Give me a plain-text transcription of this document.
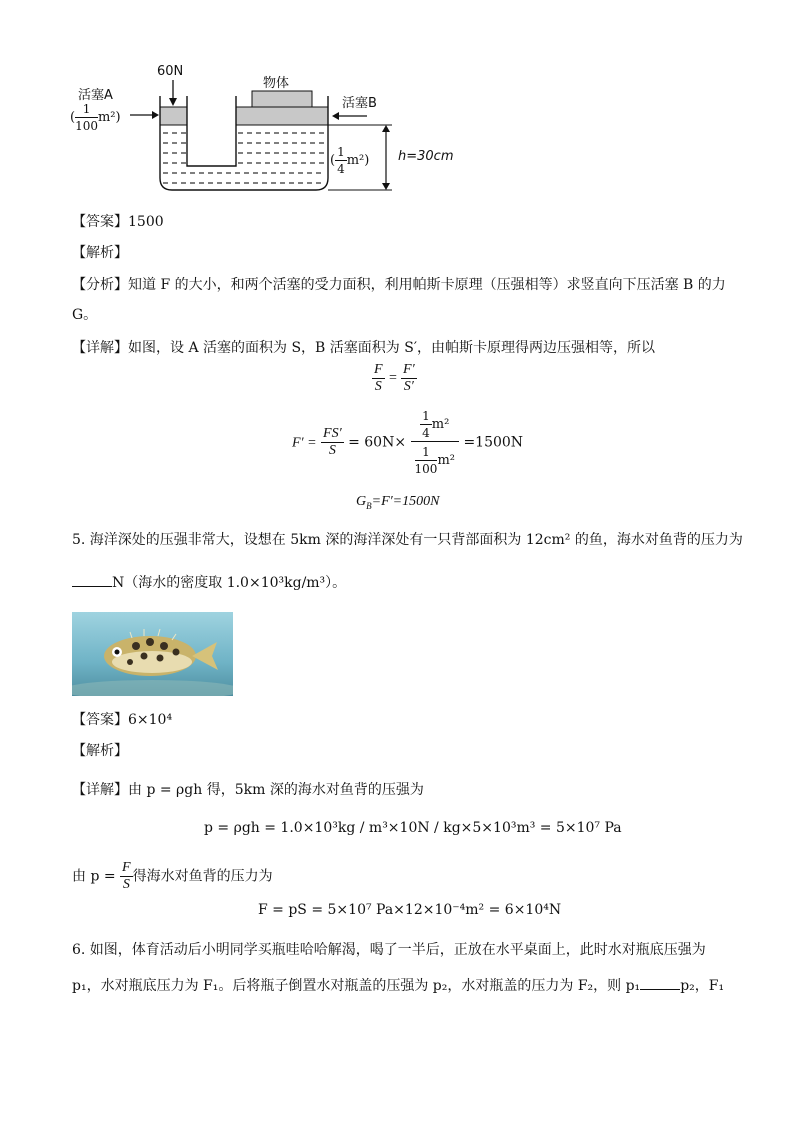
60N
物体
活塞A
活塞B
h=30cm
( $\frac{1}{100} m^2$)
( $\frac{1}{4} m^2$)
【答案】1500
【解析】
【分析】知道 F 的大小，和两个活塞的受力面积，利用帕斯卡原理（压强相等）求竖直向下压活塞 B 的力
G。
【详解】如图，设 A 活塞的面积为 S，B 活塞面积为 S′，由帕斯卡原理得两边压强相等，所以
$\frac{F}{S} = \frac{F'}{S'}$
$F' = \frac{FS'}{S} = 60N\times \frac{\frac{1}{4} m^2}{\frac{1}{100} m^2} =1500N$
$G_B=F'=1500N$
5. 海洋深处的压强非常大，设想在 5km 深的海洋深处有一只背部面积为 12cm² 的鱼，海水对鱼背的压力为
N（海水的密度取 1.0×10³kg/m³）。
【答案】6×10⁴
【解析】
【详解】由 p = ρgh 得，5km 深的海水对鱼背的压强为
p = ρgh = 1.0×10³kg / m³×10N / kg×5×10³m³ = 5×10⁷ Pa
由 $p = \frac{F}{S}$ 得海水对鱼背的压力为
F = pS = 5×10⁷ Pa×12×10⁻⁴m² = 6×10⁴N
6. 如图，体育活动后小明同学买瓶哇哈哈解渴，喝了一半后，正放在水平桌面上，此时水对瓶底压强为
p₁，水对瓶底压力为 F₁。后将瓶子倒置水对瓶盖的压强为 p₂，水对瓶盖的压力为 F₂，则 p₁	p₂，F₁
